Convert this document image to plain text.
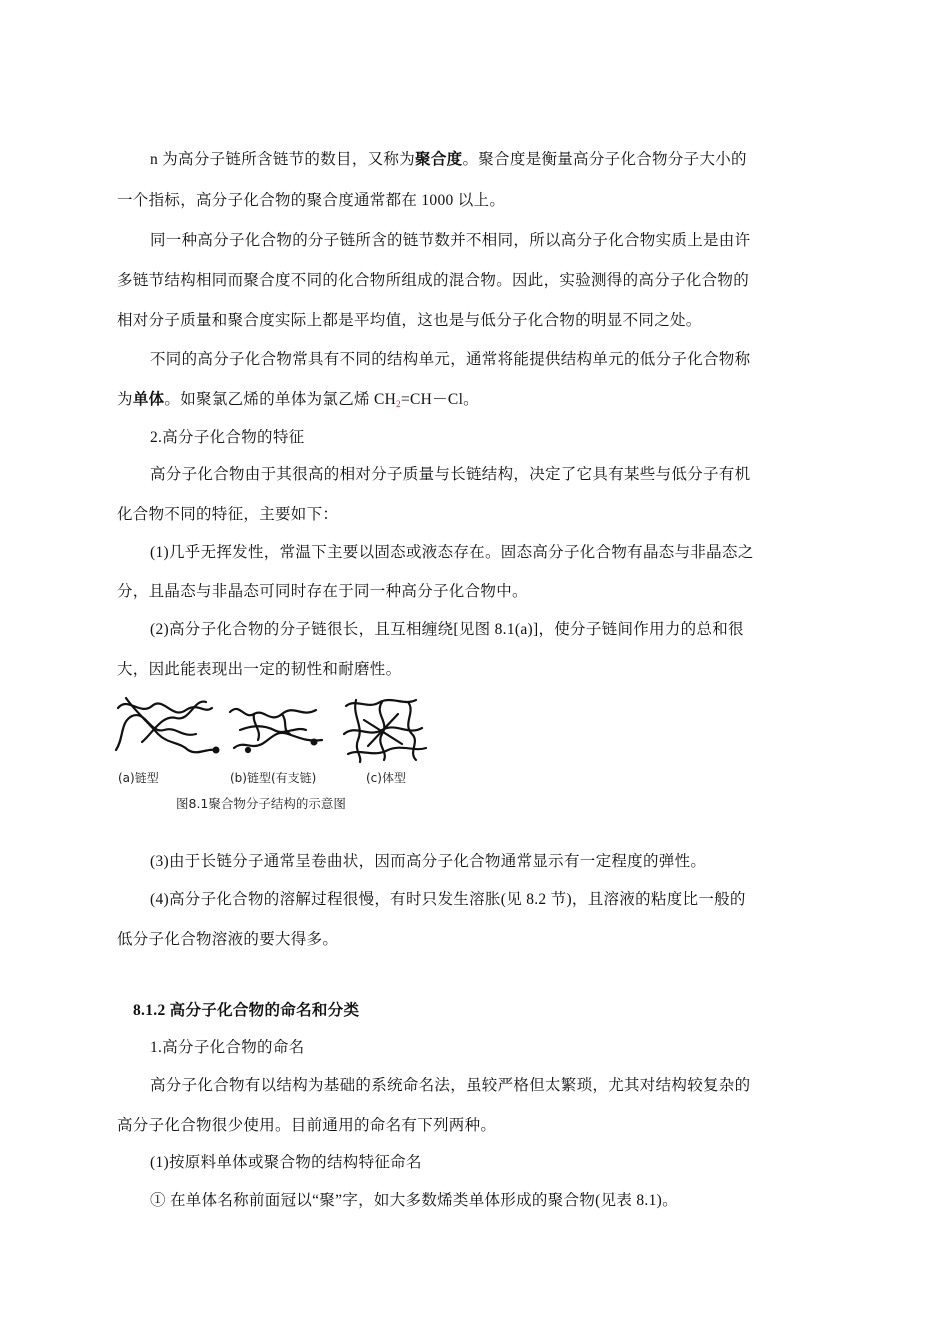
n 为高分子链所含链节的数目，又称为聚合度。聚合度是衡量高分子化合物分子大小的
一个指标，高分子化合物的聚合度通常都在 1000 以上。
同一种高分子化合物的分子链所含的链节数并不相同，所以高分子化合物实质上是由许
多链节结构相同而聚合度不同的化合物所组成的混合物。因此，实验测得的高分子化合物的
相对分子质量和聚合度实际上都是平均值，这也是与低分子化合物的明显不同之处。
不同的高分子化合物常具有不同的结构单元，通常将能提供结构单元的低分子化合物称
为单体。如聚氯乙烯的单体为氯乙烯 $CH_2=CH-Cl$。
2.高分子化合物的特征
高分子化合物由于其很高的相对分子质量与长链结构，决定了它具有某些与低分子有机
化合物不同的特征，主要如下：
(1)几乎无挥发性，常温下主要以固态或液态存在。固态高分子化合物有晶态与非晶态之
分，且晶态与非晶态可同时存在于同一种高分子化合物中。
(2)高分子化合物的分子链很长，且互相缠绕[见图 8.1(a)]，使分子链间作用力的总和很
大，因此能表现出一定的韧性和耐磨性。
(a)链型	(b)链型(有支链)	(c)体型
图8.1聚合物分子结构的示意图
(3)由于长链分子通常呈卷曲状，因而高分子化合物通常显示有一定程度的弹性。
(4)高分子化合物的溶解过程很慢，有时只发生溶胀(见 8.2 节)，且溶液的粘度比一般的
低分子化合物溶液的要大得多。
8.1.2 高分子化合物的命名和分类
1.高分子化合物的命名
高分子化合物有以结构为基础的系统命名法，虽较严格但太繁琐，尤其对结构较复杂的
高分子化合物很少使用。目前通用的命名有下列两种。
(1)按原料单体或聚合物的结构特征命名
① 在单体名称前面冠以“聚”字，如大多数烯类单体形成的聚合物(见表 8.1)。
